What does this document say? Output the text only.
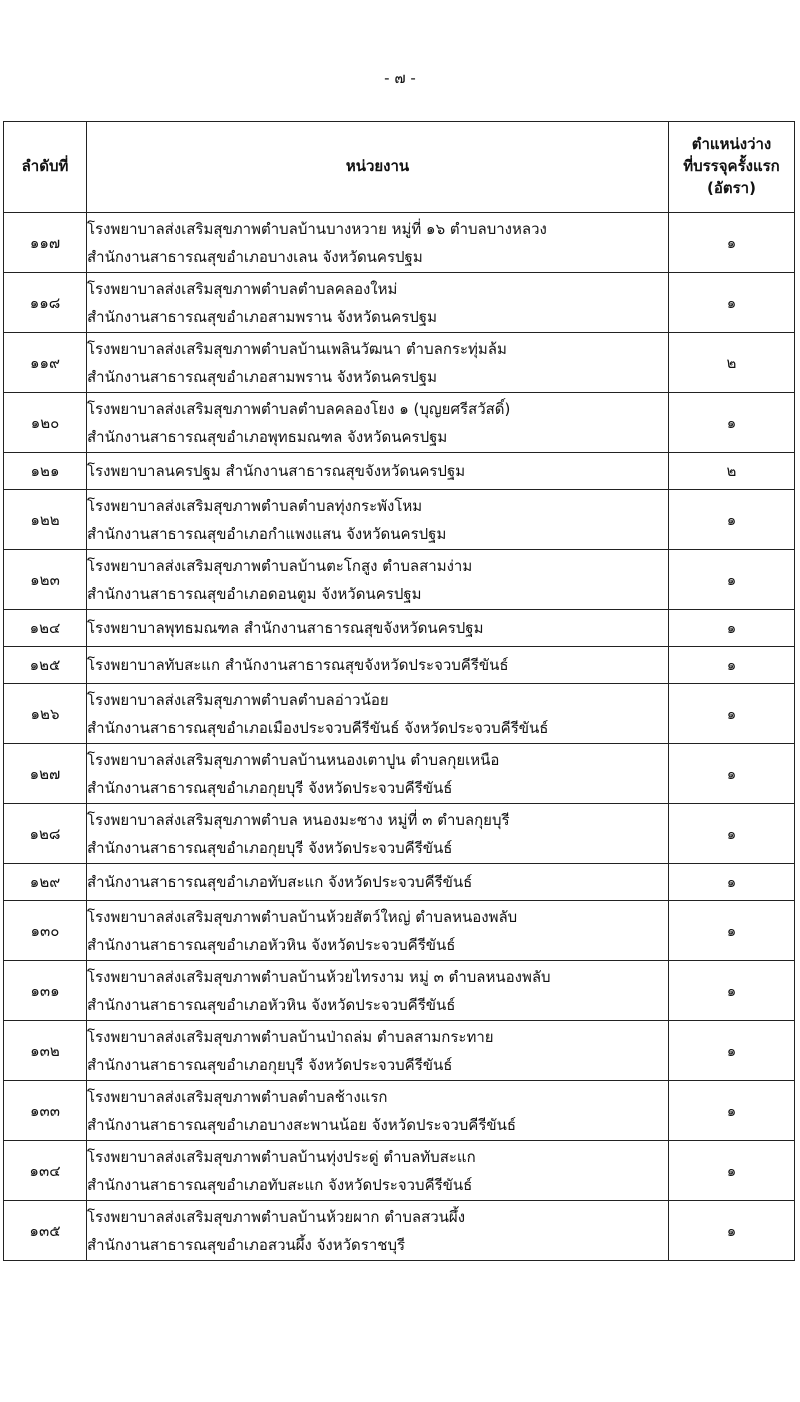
- ๗ -
ลำดับที่	หน่วยงาน	ตำแหน่งว่าง
ที่บรรจุครั้งแรก
(อัตรา)

๑๑๗	โรงพยาบาลส่งเสริมสุขภาพตำบลบ้านบางหวาย หมู่ที่ ๑๖ ตำบลบางหลวง
สำนักงานสาธารณสุขอำเภอบางเลน จังหวัดนครปฐม	๑
๑๑๘	โรงพยาบาลส่งเสริมสุขภาพตำบลตำบลคลองใหม่
สำนักงานสาธารณสุขอำเภอสามพราน จังหวัดนครปฐม	๑
๑๑๙	โรงพยาบาลส่งเสริมสุขภาพตำบลบ้านเพลินวัฒนา ตำบลกระทุ่มล้ม
สำนักงานสาธารณสุขอำเภอสามพราน จังหวัดนครปฐม	๒
๑๒๐	โรงพยาบาลส่งเสริมสุขภาพตำบลตำบลคลองโยง ๑ (บุญยศรีสวัสดิ์)
สำนักงานสาธารณสุขอำเภอพุทธมณฑล จังหวัดนครปฐม	๑
๑๒๑	โรงพยาบาลนครปฐม สำนักงานสาธารณสุขจังหวัดนครปฐม	๒
๑๒๒	โรงพยาบาลส่งเสริมสุขภาพตำบลตำบลทุ่งกระพังโหม
สำนักงานสาธารณสุขอำเภอกำแพงแสน จังหวัดนครปฐม	๑
๑๒๓	โรงพยาบาลส่งเสริมสุขภาพตำบลบ้านตะโกสูง ตำบลสามง่าม
สำนักงานสาธารณสุขอำเภอดอนตูม จังหวัดนครปฐม	๑
๑๒๔	โรงพยาบาลพุทธมณฑล สำนักงานสาธารณสุขจังหวัดนครปฐม	๑
๑๒๕	โรงพยาบาลทับสะแก สำนักงานสาธารณสุขจังหวัดประจวบคีรีขันธ์	๑
๑๒๖	โรงพยาบาลส่งเสริมสุขภาพตำบลตำบลอ่าวน้อย
สำนักงานสาธารณสุขอำเภอเมืองประจวบคีรีขันธ์ จังหวัดประจวบคีรีขันธ์	๑
๑๒๗	โรงพยาบาลส่งเสริมสุขภาพตำบลบ้านหนองเตาปูน ตำบลกุยเหนือ
สำนักงานสาธารณสุขอำเภอกุยบุรี จังหวัดประจวบคีรีขันธ์	๑
๑๒๘	โรงพยาบาลส่งเสริมสุขภาพตำบล หนองมะซาง หมู่ที่ ๓ ตำบลกุยบุรี
สำนักงานสาธารณสุขอำเภอกุยบุรี จังหวัดประจวบคีรีขันธ์	๑
๑๒๙	สำนักงานสาธารณสุขอำเภอทับสะแก จังหวัดประจวบคีรีขันธ์	๑
๑๓๐	โรงพยาบาลส่งเสริมสุขภาพตำบลบ้านห้วยสัตว์ใหญ่ ตำบลหนองพลับ
สำนักงานสาธารณสุขอำเภอหัวหิน จังหวัดประจวบคีรีขันธ์	๑
๑๓๑	โรงพยาบาลส่งเสริมสุขภาพตำบลบ้านห้วยไทรงาม หมู่ ๓ ตำบลหนองพลับ
สำนักงานสาธารณสุขอำเภอหัวหิน จังหวัดประจวบคีรีขันธ์	๑
๑๓๒	โรงพยาบาลส่งเสริมสุขภาพตำบลบ้านป่าถล่ม ตำบลสามกระทาย
สำนักงานสาธารณสุขอำเภอกุยบุรี จังหวัดประจวบคีรีขันธ์	๑
๑๓๓	โรงพยาบาลส่งเสริมสุขภาพตำบลตำบลช้างแรก
สำนักงานสาธารณสุขอำเภอบางสะพานน้อย จังหวัดประจวบคีรีขันธ์	๑
๑๓๔	โรงพยาบาลส่งเสริมสุขภาพตำบลบ้านทุ่งประดู่ ตำบลทับสะแก
สำนักงานสาธารณสุขอำเภอทับสะแก จังหวัดประจวบคีรีขันธ์	๑
๑๓๕	โรงพยาบาลส่งเสริมสุขภาพตำบลบ้านห้วยผาก ตำบลสวนผึ้ง
สำนักงานสาธารณสุขอำเภอสวนผึ้ง จังหวัดราชบุรี	๑
